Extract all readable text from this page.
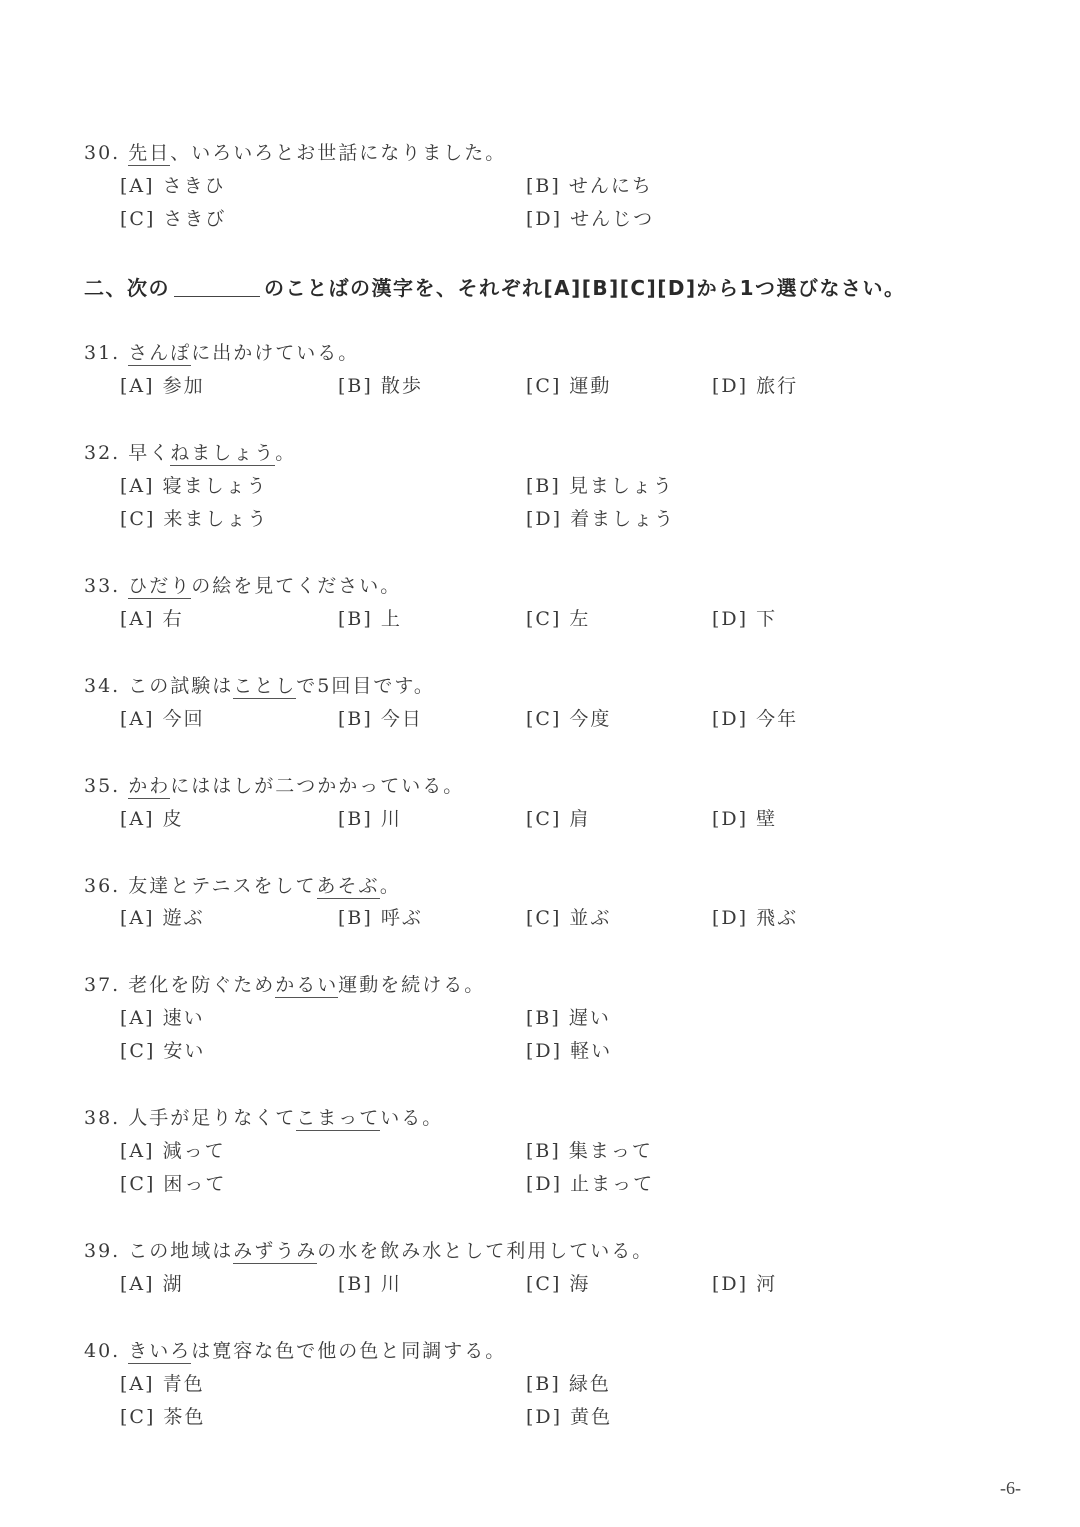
30. 先日、いろいろとお世話になりました。
[A] さきひ	[B] せんにち
[C] さきび	[D] せんじつ
二、次の	のことばの漢字を、それぞれ[A][B][C][D]から1つ選びなさい。
31. さんぽに出かけている。
[A] 参加	[B] 散歩	[C] 運動	[D] 旅行
32. 早くねましょう。
[A] 寝ましょう	[B] 見ましょう
[C] 来ましょう	[D] 着ましょう
33. ひだりの絵を見てください。
[A] 右	[B] 上	[C] 左	[D] 下
34. この試験はことしで5回目です。
[A] 今回	[B] 今日	[C] 今度	[D] 今年
35. かわにははしが二つかかっている。
[A] 皮	[B] 川	[C] 肩	[D] 壁
36. 友達とテニスをしてあそぶ。
[A] 遊ぶ	[B] 呼ぶ	[C] 並ぶ	[D] 飛ぶ
37. 老化を防ぐためかるい運動を続ける。
[A] 速い	[B] 遅い
[C] 安い	[D] 軽い
38. 人手が足りなくてこまっている。
[A] 減って	[B] 集まって
[C] 困って	[D] 止まって
39. この地域はみずうみの水を飲み水として利用している。
[A] 湖	[B] 川	[C] 海	[D] 河
40. きいろは寛容な色で他の色と同調する。
[A] 青色	[B] 緑色
[C] 茶色	[D] 黄色
-6-
